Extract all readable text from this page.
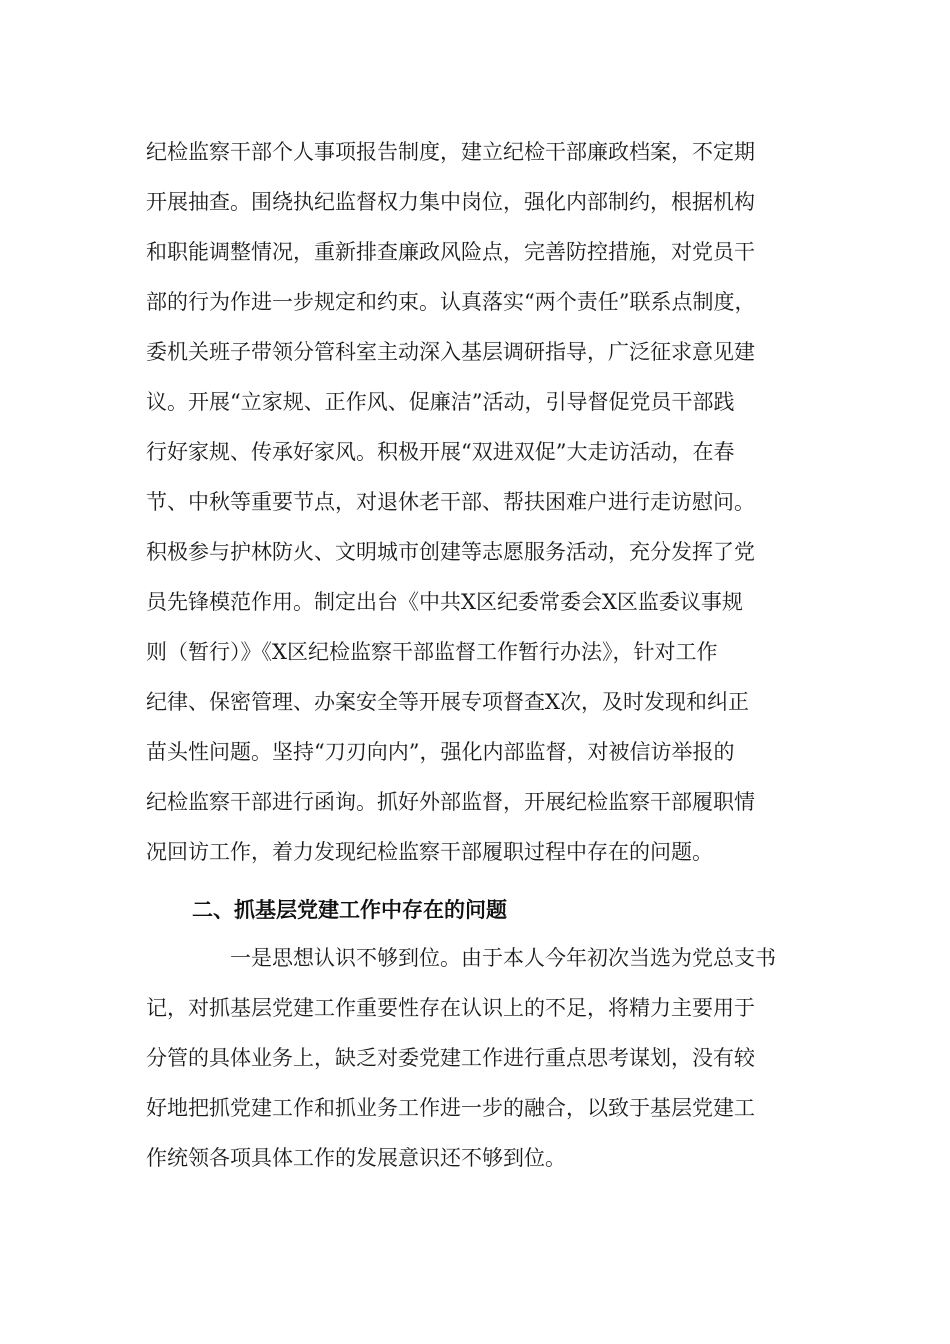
纪检监察干部个人事项报告制度，建立纪检干部廉政档案，不定期
开展抽查。围绕执纪监督权力集中岗位，强化内部制约，根据机构
和职能调整情况，重新排查廉政风险点，完善防控措施，对党员干
部的行为作进一步规定和约束。认真落实“两个责任”联系点制度，
委机关班子带领分管科室主动深入基层调研指导，广泛征求意见建
议。开展“立家规、正作风、促廉洁”活动，引导督促党员干部践
行好家规、传承好家风。积极开展“双进双促”大走访活动，在春
节、中秋等重要节点，对退休老干部、帮扶困难户进行走访慰问。
积极参与护林防火、文明城市创建等志愿服务活动，充分发挥了党
员先锋模范作用。制定出台《中共X区纪委常委会X区监委议事规
则（暂行）》《X区纪检监察干部监督工作暂行办法》，针对工作
纪律、保密管理、办案安全等开展专项督查X次，及时发现和纠正
苗头性问题。坚持“刀刃向内”，强化内部监督，对被信访举报的
纪检监察干部进行函询。抓好外部监督，开展纪检监察干部履职情
况回访工作，着力发现纪检监察干部履职过程中存在的问题。
二、抓基层党建工作中存在的问题
一是思想认识不够到位。由于本人今年初次当选为党总支书
记，对抓基层党建工作重要性存在认识上的不足，将精力主要用于
分管的具体业务上，缺乏对委党建工作进行重点思考谋划，没有较
好地把抓党建工作和抓业务工作进一步的融合，以致于基层党建工
作统领各项具体工作的发展意识还不够到位。
